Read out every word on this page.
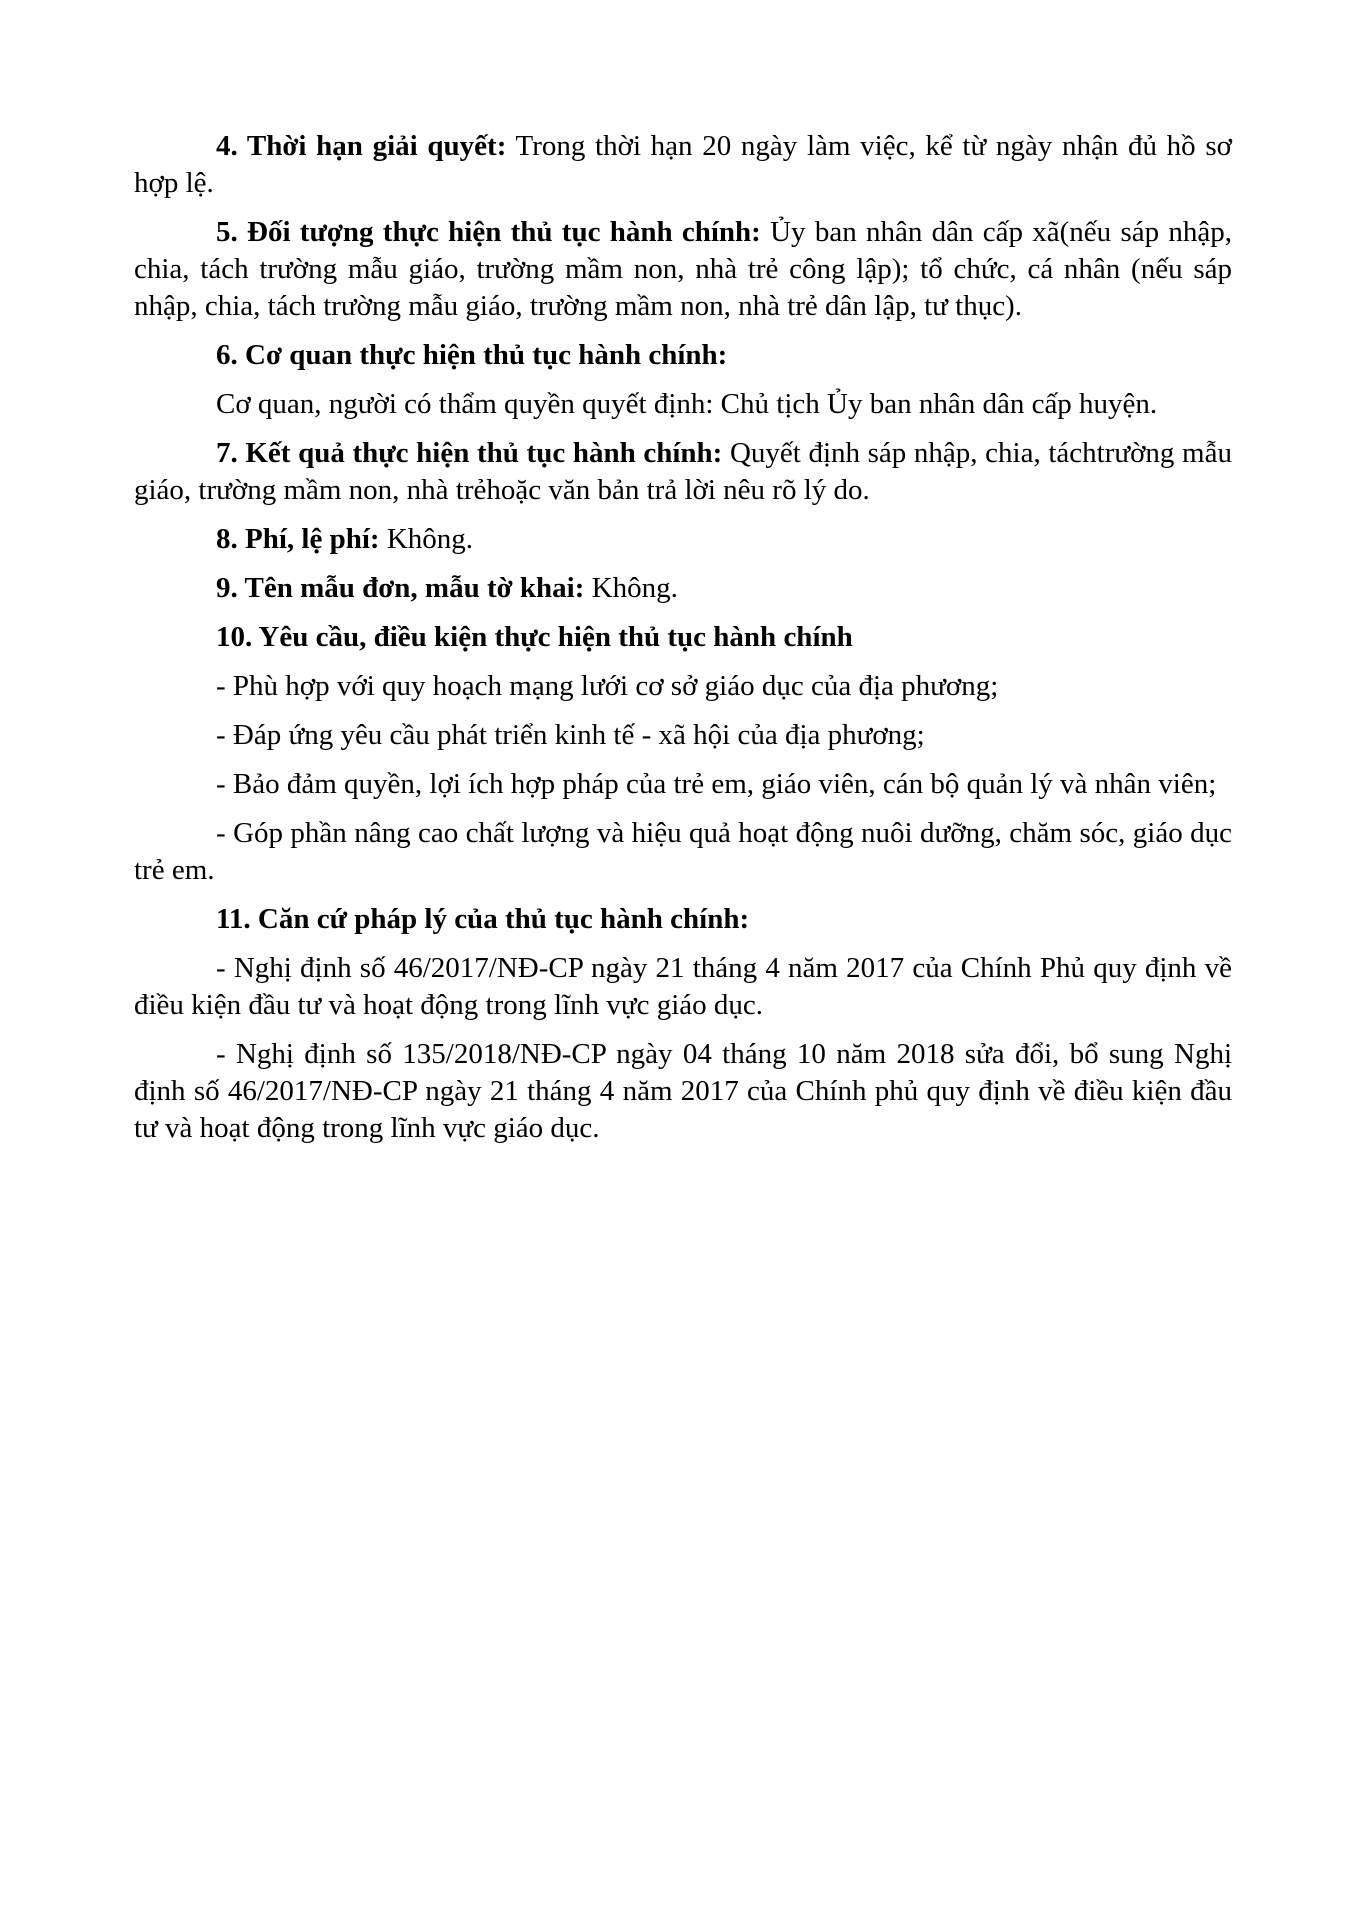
4. Thời hạn giải quyết: Trong thời hạn 20 ngày làm việc, kể từ ngày nhận đủ hồ sơ hợp lệ.

5. Đối tượng thực hiện thủ tục hành chính: Ủy ban nhân dân cấp xã(nếu sáp nhập, chia, tách trường mẫu giáo, trường mầm non, nhà trẻ công lập); tổ chức, cá nhân (nếu sáp nhập, chia, tách trường mẫu giáo, trường mầm non, nhà trẻ dân lập, tư thục).

6. Cơ quan thực hiện thủ tục hành chính:

Cơ quan, người có thẩm quyền quyết định: Chủ tịch Ủy ban nhân dân cấp huyện.

7. Kết quả thực hiện thủ tục hành chính: Quyết định sáp nhập, chia, táchtrường mẫu giáo, trường mầm non, nhà trẻhoặc văn bản trả lời nêu rõ lý do.

8. Phí, lệ phí: Không.

9. Tên mẫu đơn, mẫu tờ khai: Không.

10. Yêu cầu, điều kiện thực hiện thủ tục hành chính

- Phù hợp với quy hoạch mạng lưới cơ sở giáo dục của địa phương;

- Đáp ứng yêu cầu phát triển kinh tế - xã hội của địa phương;

- Bảo đảm quyền, lợi ích hợp pháp của trẻ em, giáo viên, cán bộ quản lý và nhân viên;

- Góp phần nâng cao chất lượng và hiệu quả hoạt động nuôi dưỡng, chăm sóc, giáo dục trẻ em.

11. Căn cứ pháp lý của thủ tục hành chính:

- Nghị định số 46/2017/NĐ-CP ngày 21 tháng 4 năm 2017 của Chính Phủ quy định về điều kiện đầu tư và hoạt động trong lĩnh vực giáo dục.

- Nghị định số 135/2018/NĐ-CP ngày 04 tháng 10 năm 2018 sửa đổi, bổ sung Nghị định số 46/2017/NĐ-CP ngày 21 tháng 4 năm 2017 của Chính phủ quy định về điều kiện đầu tư và hoạt động trong lĩnh vực giáo dục.
